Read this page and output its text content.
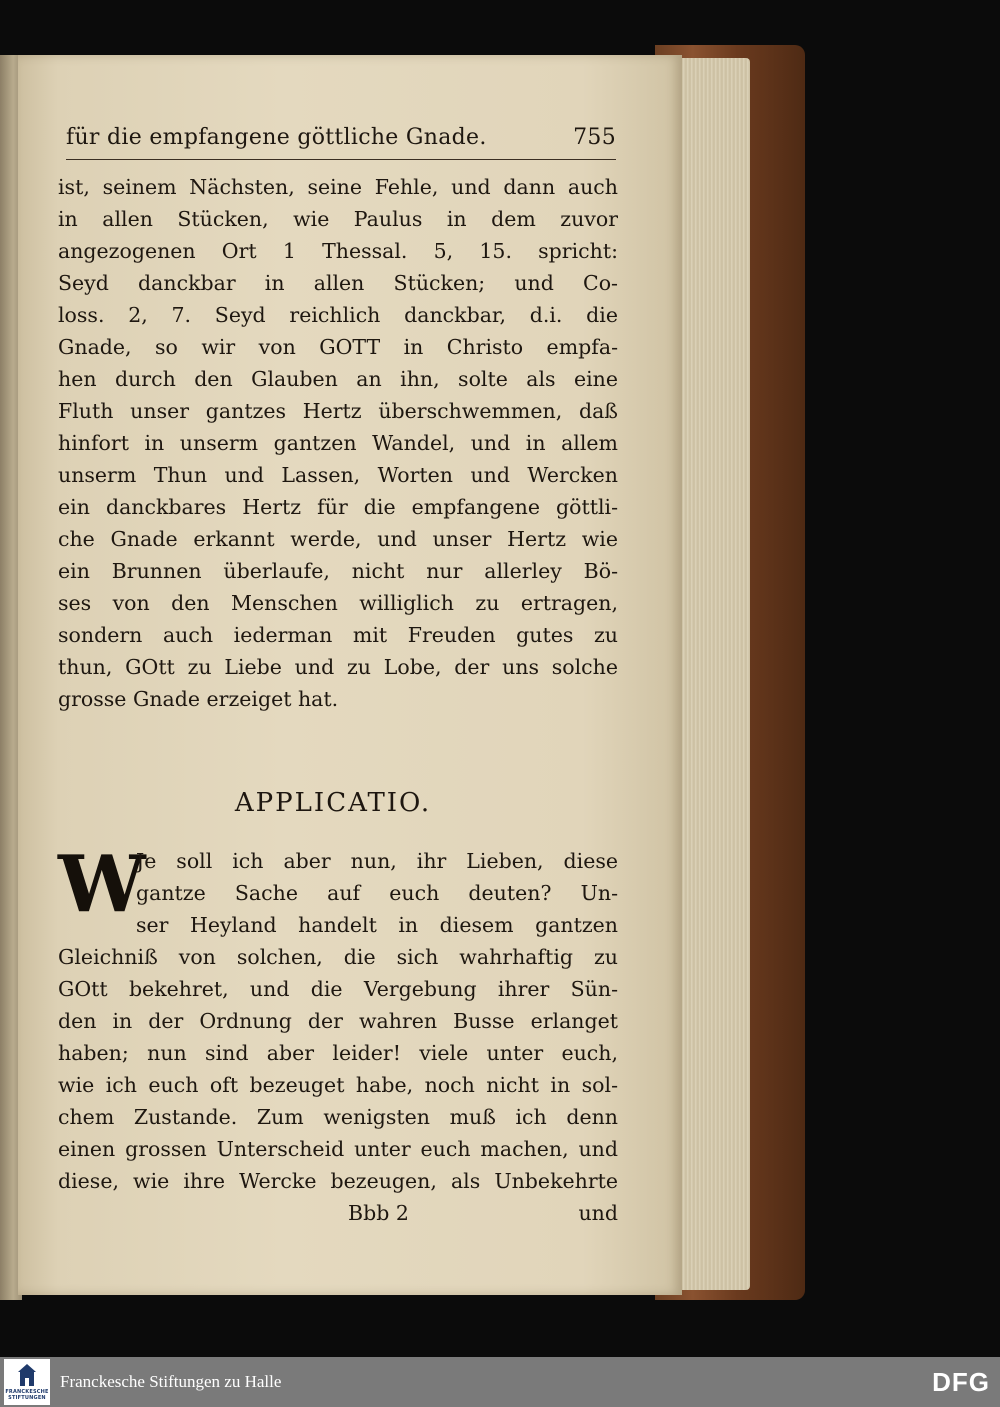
für die empfangene göttliche Gnade.	755
ist, seinem Nächsten, seine Fehle, und dann auch
in allen Stücken, wie Paulus in dem zuvor
angezogenen Ort 1 Thessal. 5, 15. spricht:
Seyd danckbar in allen Stücken; und Co-
loss. 2, 7. Seyd reichlich danckbar, d.i. die
Gnade, so wir von GOTT in Christo empfa-
hen durch den Glauben an ihn, solte als eine
Fluth unser gantzes Hertz überschwemmen, daß
hinfort in unserm gantzen Wandel, und in allem
unserm Thun und Lassen, Worten und Wercken
ein danckbares Hertz für die empfangene göttli-
che Gnade erkannt werde, und unser Hertz wie
ein Brunnen überlaufe, nicht nur allerley Bö-
ses von den Menschen williglich zu ertragen,
sondern auch iederman mit Freuden gutes zu
thun, GOtt zu Liebe und zu Lobe, der uns solche
grosse Gnade erzeiget hat.
APPLICATIO.
W
Je soll ich aber nun, ihr Lieben, diese
gantze Sache auf euch deuten? Un-
ser Heyland handelt in diesem gantzen
Gleichniß von solchen, die sich wahrhaftig zu
GOtt bekehret, und die Vergebung ihrer Sün-
den in der Ordnung der wahren Busse erlanget
haben; nun sind aber leider! viele unter euch,
wie ich euch oft bezeuget habe, noch nicht in sol-
chem Zustande. Zum wenigsten muß ich denn
einen grossen Unterscheid unter euch machen, und
diese, wie ihre Wercke bezeugen, als Unbekehrte
Bbb 2	und
FRANCKESCHE STIFTUNGEN
Franckesche Stiftungen zu Halle	DFG
